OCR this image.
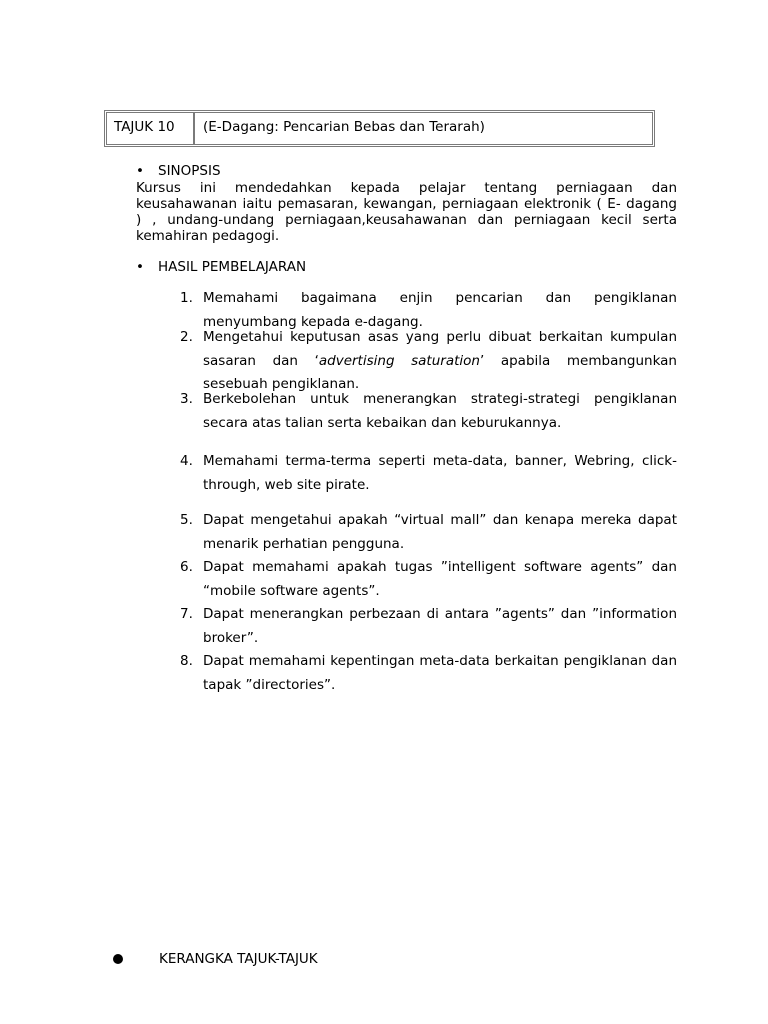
TAJUK 10	(E-Dagang: Pencarian Bebas dan Terarah)
• SINOPSIS

Kursus ini mendedahkan kepada pelajar tentang perniagaan dan keusahawanan iaitu pemasaran, kewangan, perniagaan elektronik ( E- dagang ) , undang-undang perniagaan,keusahawanan dan perniagaan kecil serta kemahiran pedagogi.

• HASIL PEMBELAJARAN
1. Memahami bagaimana enjin pencarian dan pengiklanan menyumbang kepada e-dagang.
2. Mengetahui keputusan asas yang perlu dibuat berkaitan kumpulan sasaran dan ‘advertising saturation’ apabila membangunkan sesebuah pengiklanan.
3. Berkebolehan untuk menerangkan strategi-strategi pengiklanan secara atas talian serta kebaikan dan keburukannya.
4. Memahami terma-terma seperti meta-data, banner, Webring, click-through, web site pirate.
5. Dapat mengetahui apakah “virtual mall” dan kenapa mereka dapat menarik perhatian pengguna.
6. Dapat memahami apakah tugas ”intelligent software agents” dan “mobile software agents”.
7. Dapat menerangkan perbezaan di antara ”agents” dan ”information broker”.
8. Dapat memahami kepentingan meta-data berkaitan pengiklanan dan tapak ”directories”.
KERANGKA TAJUK-TAJUK
